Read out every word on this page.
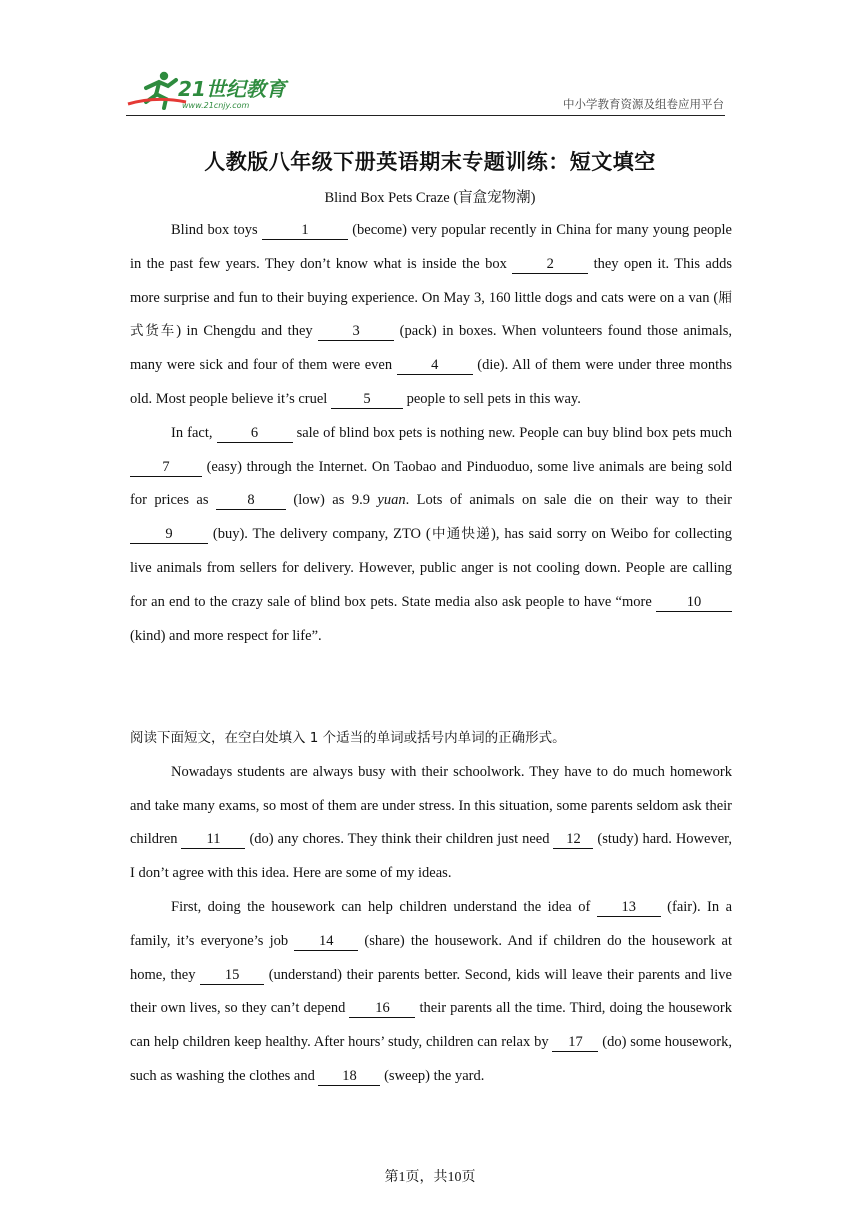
21世纪教育
www.21cnjy.com	中小学教育资源及组卷应用平台
人教版八年级下册英语期末专题训练：短文填空
Blind Box Pets Craze (盲盒宠物潮)

Blind box toys	1	(become) very popular recently in China for many young people in the past few years. They don’t know what is inside the box 2 they open it. This adds more surprise and fun to their buying experience. On May 3, 160 little dogs and cats were on a van (厢式货车) in Chengdu and they 3 (pack) in boxes. When volunteers found those animals, many were sick and four of them were even 4 (die). All of them were under three months old. Most people believe it’s cruel 5 people to sell pets in this way.

In fact, 6 sale of blind box pets is nothing new. People can buy blind box pets much 7 (easy) through the Internet. On Taobao and Pinduoduo, some live animals are being sold for prices as 8 (low) as 9.9 yuan. Lots of animals on sale die on their way to their 9 (buy). The delivery company, ZTO (中通快递), has said sorry on Weibo for collecting live animals from sellers for delivery. However, public anger is not cooling down. People are calling for an end to the crazy sale of blind box pets. State media also ask people to have “more 10 (kind) and more respect for life”.

阅读下面短文，在空白处填入 1 个适当的单词或括号内单词的正确形式。

Nowadays students are always busy with their schoolwork. They have to do much homework and take many exams, so most of them are under stress. In this situation, some parents seldom ask their children 11 (do) any chores. They think their children just need 12 (study) hard. However, I don’t agree with this idea. Here are some of my ideas.

First, doing the housework can help children understand the idea of 13 (fair). In a family, it’s everyone’s job 14 (share) the housework. And if children do the housework at home, they 15 (understand) their parents better. Second, kids will leave their parents and live their own lives, so they can’t depend 16 their parents all the time. Third, doing the housework can help children keep healthy. After hours’ study, children can relax by 17 (do) some housework, such as washing the clothes and 18 (sweep) the yard.

第1页，共10页
